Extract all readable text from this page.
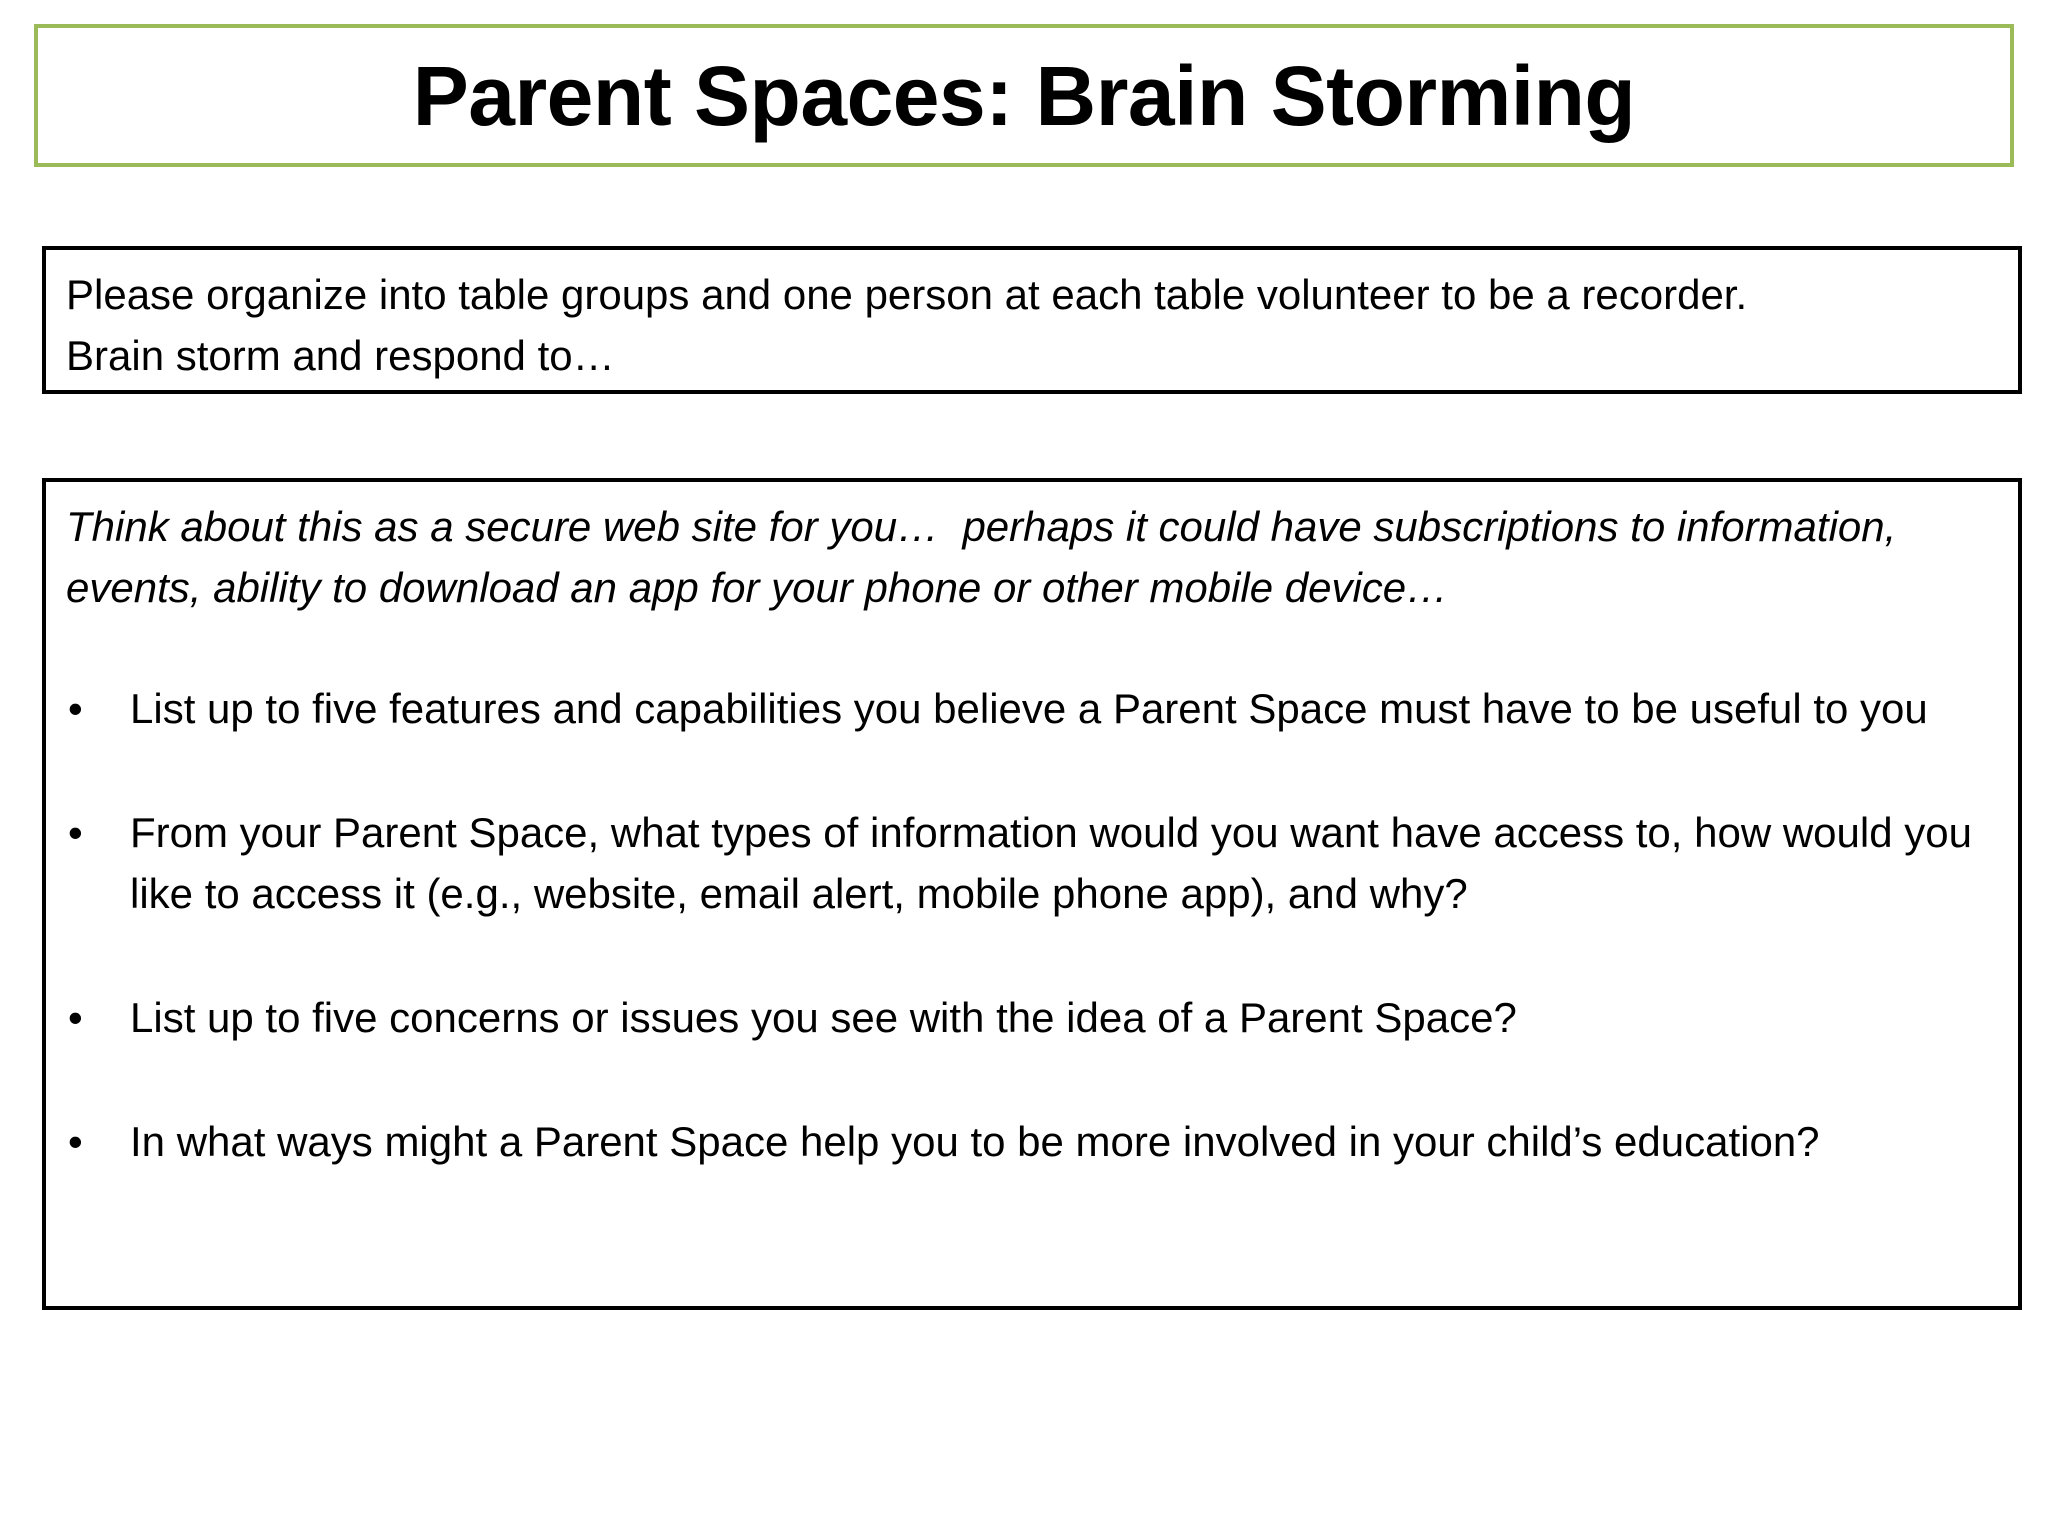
Parent Spaces: Brain Storming
Please organize into table groups and one person at each table volunteer to be a recorder. Brain storm and respond to…
Think about this as a secure web site for you…  perhaps it could have subscriptions to information, events, ability to download an app for your phone or other mobile device…
• List up to five features and capabilities you believe a Parent Space must have to be useful to you
• From your Parent Space, what types of information would you want have access to, how would you like to access it (e.g., website, email alert, mobile phone app), and why?
• List up to five concerns or issues you see with the idea of a Parent Space?
• In what ways might a Parent Space help you to be more involved in your child’s education?
